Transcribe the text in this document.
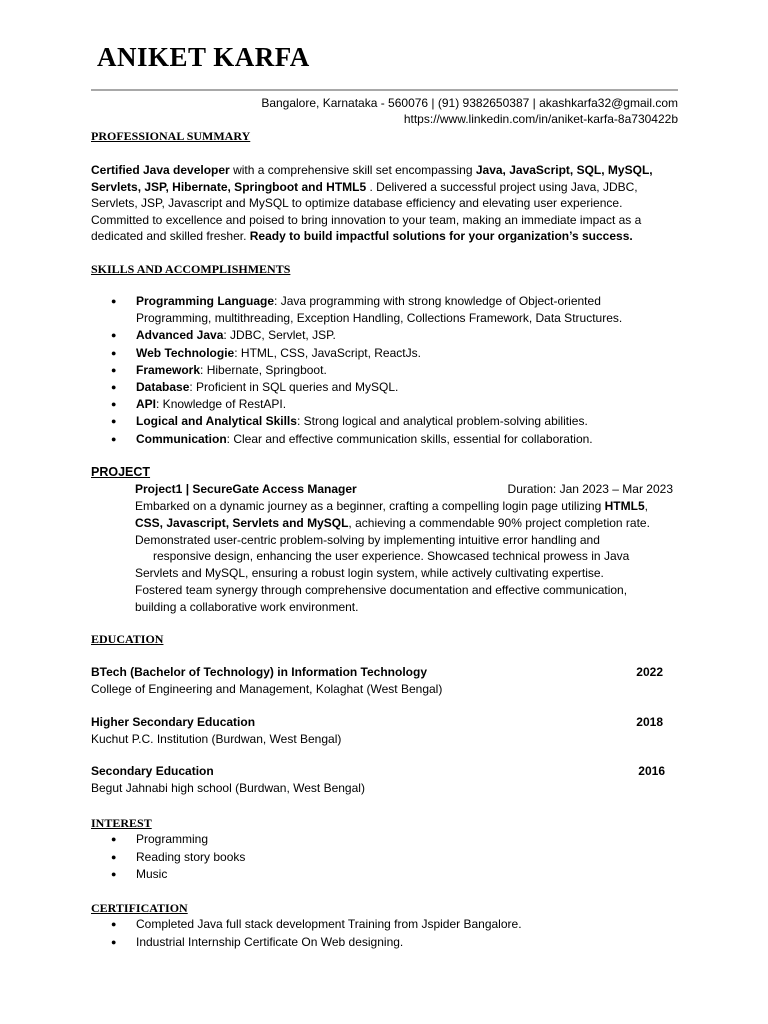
ANIKET KARFA
Bangalore, Karnataka - 560076 | (91) 9382650387 | akashkarfa32@gmail.com
https://www.linkedin.com/in/aniket-karfa-8a730422b
PROFESSIONAL SUMMARY

Certified Java developer with a comprehensive skill set encompassing Java, JavaScript, SQL, MySQL, Servlets, JSP, Hibernate, Springboot and HTML5 . Delivered a successful project using Java, JDBC, Servlets, JSP, Javascript and MySQL to optimize database efficiency and elevating user experience. Committed to excellence and poised to bring innovation to your team, making an immediate impact as a dedicated and skilled fresher. Ready to build impactful solutions for your organization’s success.

SKILLS AND ACCOMPLISHMENTS
● Programming Language: Java programming with strong knowledge of Object-oriented
Programming, multithreading, Exception Handling, Collections Framework, Data Structures.
● Advanced Java: JDBC, Servlet, JSP.
● Web Technologie: HTML, CSS, JavaScript, ReactJs.
● Framework: Hibernate, Springboot.
● Database: Proficient in SQL queries and MySQL.
● API: Knowledge of RestAPI.
● Logical and Analytical Skills: Strong logical and analytical problem-solving abilities.
● Communication: Clear and effective communication skills, essential for collaboration.
PROJECT
Project1 | SecureGate Access Manager	Duration: Jan 2023 – Mar 2023
Embarked on a dynamic journey as a beginner, crafting a compelling login page utilizing HTML5,
CSS, Javascript, Servlets and MySQL, achieving a commendable 90% project completion rate.
Demonstrated user-centric problem-solving by implementing intuitive error handling and
responsive design, enhancing the user experience. Showcased technical prowess in Java
Servlets and MySQL, ensuring a robust login system, while actively cultivating expertise.
Fostered team synergy through comprehensive documentation and effective communication,
building a collaborative work environment.
EDUCATION
BTech (Bachelor of Technology) in Information Technology	2022
College of Engineering and Management, Kolaghat (West Bengal)
Higher Secondary Education	2018
Kuchut P.C. Institution (Burdwan, West Bengal)
Secondary Education	2016
Begut Jahnabi high school (Burdwan, West Bengal)
INTEREST
● Programming
● Reading story books
● Music
CERTIFICATION
● Completed Java full stack development Training from Jspider Bangalore.
● Industrial Internship Certificate On Web designing.
